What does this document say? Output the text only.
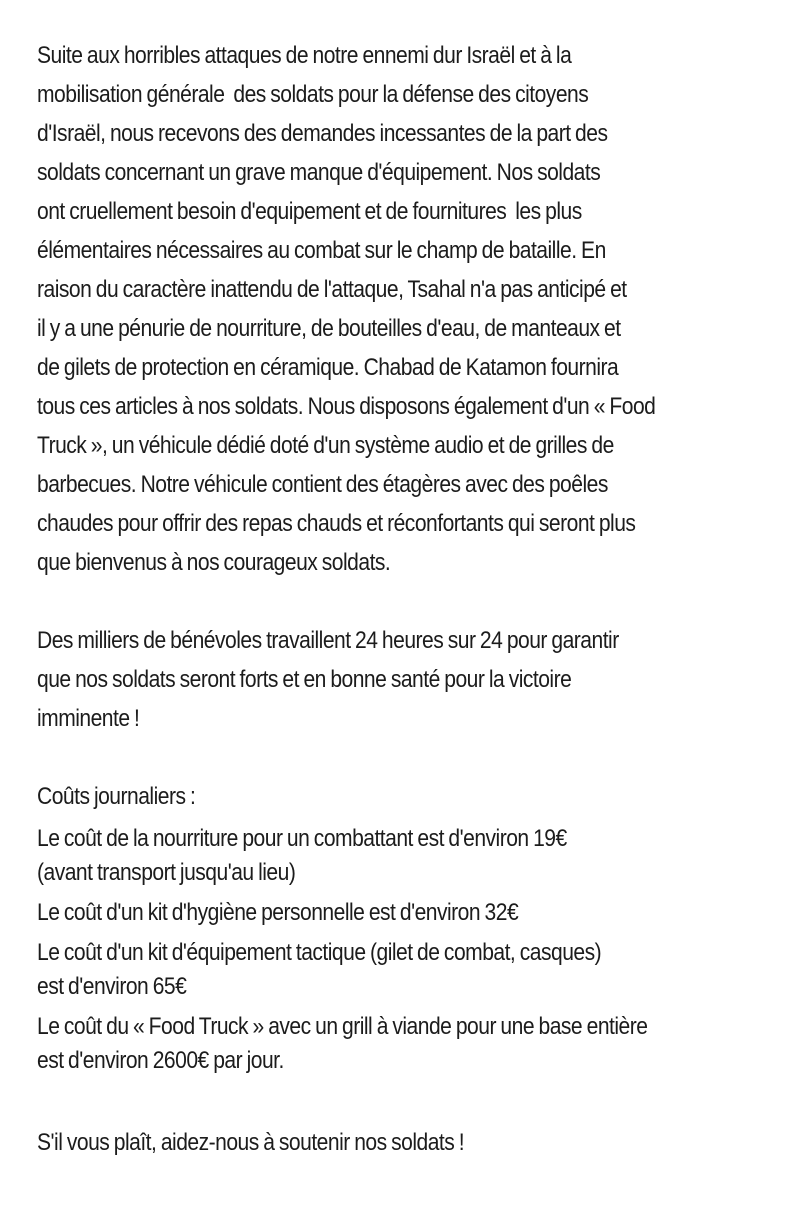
Suite aux horribles attaques de notre ennemi dur Israël et à la
mobilisation générale  des soldats pour la défense des citoyens
d'Israël, nous recevons des demandes incessantes de la part des
soldats concernant un grave manque d'équipement. Nos soldats
ont cruellement besoin d'equipement et de fournitures  les plus
élémentaires nécessaires au combat sur le champ de bataille. En
raison du caractère inattendu de l'attaque, Tsahal n'a pas anticipé et
il y a une pénurie de nourriture, de bouteilles d'eau, de manteaux et
de gilets de protection en céramique. Chabad de Katamon fournira
tous ces articles à nos soldats. Nous disposons également d'un « Food
Truck », un véhicule dédié doté d'un système audio et de grilles de
barbecues. Notre véhicule contient des étagères avec des poêles
chaudes pour offrir des repas chauds et réconfortants qui seront plus
que bienvenus à nos courageux soldats.
Des milliers de bénévoles travaillent 24 heures sur 24 pour garantir
que nos soldats seront forts et en bonne santé pour la victoire
imminente !
Coûts journaliers :
Le coût de la nourriture pour un combattant est d'environ 19€
(avant transport jusqu'au lieu)
Le coût d'un kit d'hygiène personnelle est d'environ 32€
Le coût d'un kit d'équipement tactique (gilet de combat, casques)
est d'environ 65€
Le coût du « Food Truck » avec un grill à viande pour une base entière
est d'environ 2600€ par jour.
S'il vous plaît, aidez-nous à soutenir nos soldats !
